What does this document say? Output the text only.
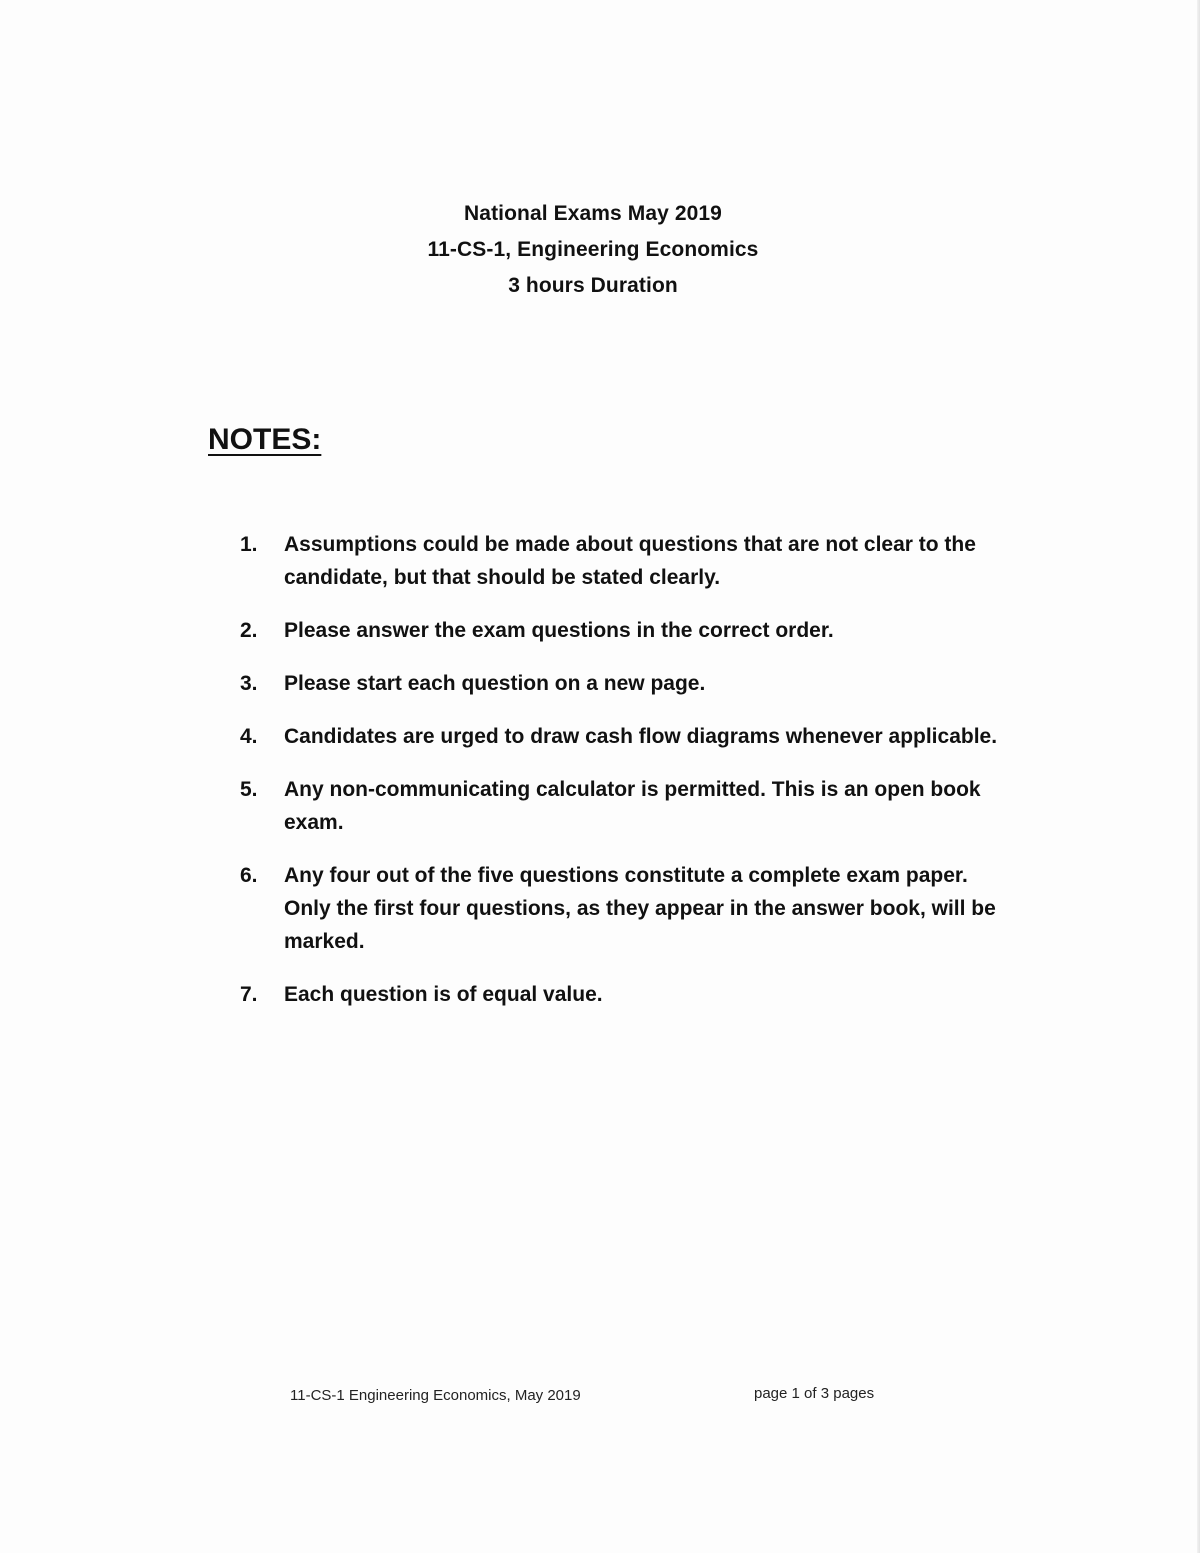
National Exams May 2019
11-CS-1, Engineering Economics
3 hours Duration
NOTES:
1.	Assumptions could be made about questions that are not clear to the candidate, but that should be stated clearly.
2.	Please answer the exam questions in the correct order.
3.	Please start each question on a new page.
4.	Candidates are urged to draw cash flow diagrams whenever applicable.
5.	Any non-communicating calculator is permitted. This is an open book exam.
6.	Any four out of the five questions constitute a complete exam paper. Only the first four questions, as they appear in the answer book, will be marked.
7.	Each question is of equal value.
11-CS-1 Engineering Economics, May 2019	page 1 of 3 pages
